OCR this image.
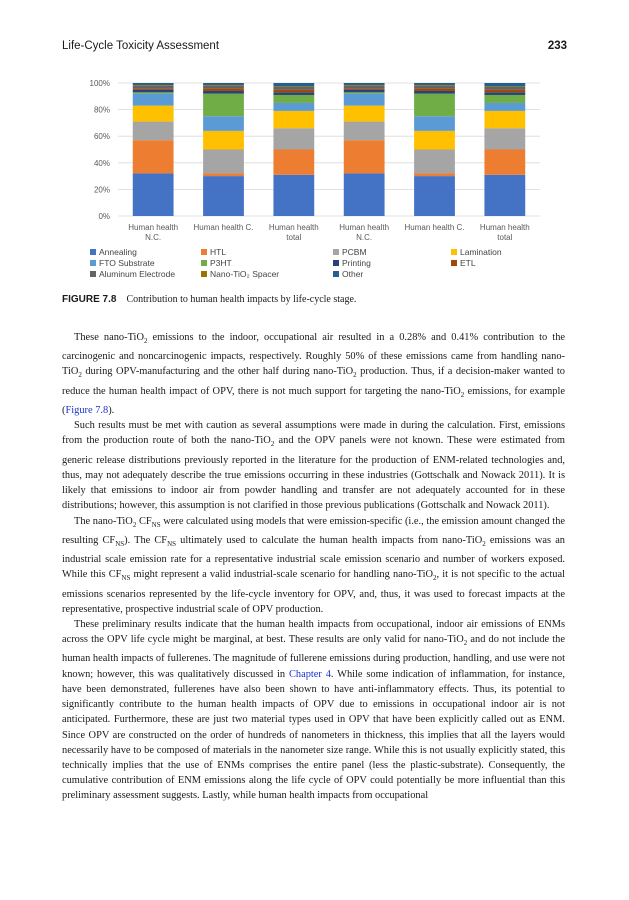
Life-Cycle Toxicity Assessment	233
0%
20%
40%
60%
80%
100%
Human health
N.C.
Human health C. Human health
total
Human health
N.C.
Human health C. Human health
total
Annealing	HTL	PCBM	Lamination
FTO Substrate	P3HT	Printing	ETL
Aluminum Electrode	Nano-TiO₂ Spacer	Other
FIGURE 7.8 Contribution to human health impacts by life-cycle stage.

These nano-TiO$_2$ emissions to the indoor, occupational air resulted in a 0.28% and 0.41% contribution to the carcinogenic and noncarcinogenic impacts, respectively. Roughly 50% of these emissions came from handling nano-TiO$_2$ during OPV-manufacturing and the other half during nano-TiO$_2$ production. Thus, if a decision-maker wanted to reduce the human health impact of OPV, there is not much support for targeting the nano-TiO$_2$ emissions, for example (Figure 7.8).

Such results must be met with caution as several assumptions were made in during the calculation. First, emissions from the production route of both the nano-TiO$_2$ and the OPV panels were not known. These were estimated from generic release distributions previously reported in the literature for the production of ENM-related technologies and, thus, may not adequately describe the true emissions occurring in these industries (Gottschalk and Nowack 2011). It is likely that emissions to indoor air from powder handling and transfer are not adequately accounted for in these distributions; however, this assumption is not clarified in those previous publications (Gottschalk and Nowack 2011).

The nano-TiO$_2$ $CF_{NS}$ were calculated using models that were emission-specific (i.e., the emission amount changed the resulting $CF_{NS}$). The $CF_{NS}$ ultimately used to calculate the human health impacts from nano-TiO$_2$ emissions was an industrial scale emission rate for a representative industrial scale emission scenario and number of workers exposed. While this $CF_{NS}$ might represent a valid industrial-scale scenario for handling nano-TiO$_2$, it is not specific to the actual emissions scenarios represented by the life-cycle inventory for OPV, and, thus, it was used to forecast impacts at the representative, prospective industrial scale of OPV production.

These preliminary results indicate that the human health impacts from occupational, indoor air emissions of ENMs across the OPV life cycle might be marginal, at best. These results are only valid for nano-TiO$_2$ and do not include the human health impacts of fullerenes. The magnitude of fullerene emissions during production, handling, and use were not known; however, this was qualitatively discussed in Chapter 4. While some indication of inflammation, for instance, have been demonstrated, fullerenes have also been shown to have anti-inflammatory effects. Thus, its potential to significantly contribute to the human health impacts of OPV due to emissions in occupational indoor air is not anticipated. Furthermore, these are just two material types used in OPV that have been explicitly called out as ENM. Since OPV are constructed on the order of hundreds of nanometers in thickness, this implies that all the layers would necessarily have to be composed of materials in the nanometer size range. While this is not usually explicitly stated, this technically implies that the use of ENMs comprises the entire panel (less the plastic-substrate). Consequently, the cumulative contribution of ENM emissions along the life cycle of OPV could potentially be more influential than this preliminary assessment suggests. Lastly, while human health impacts from occupational
